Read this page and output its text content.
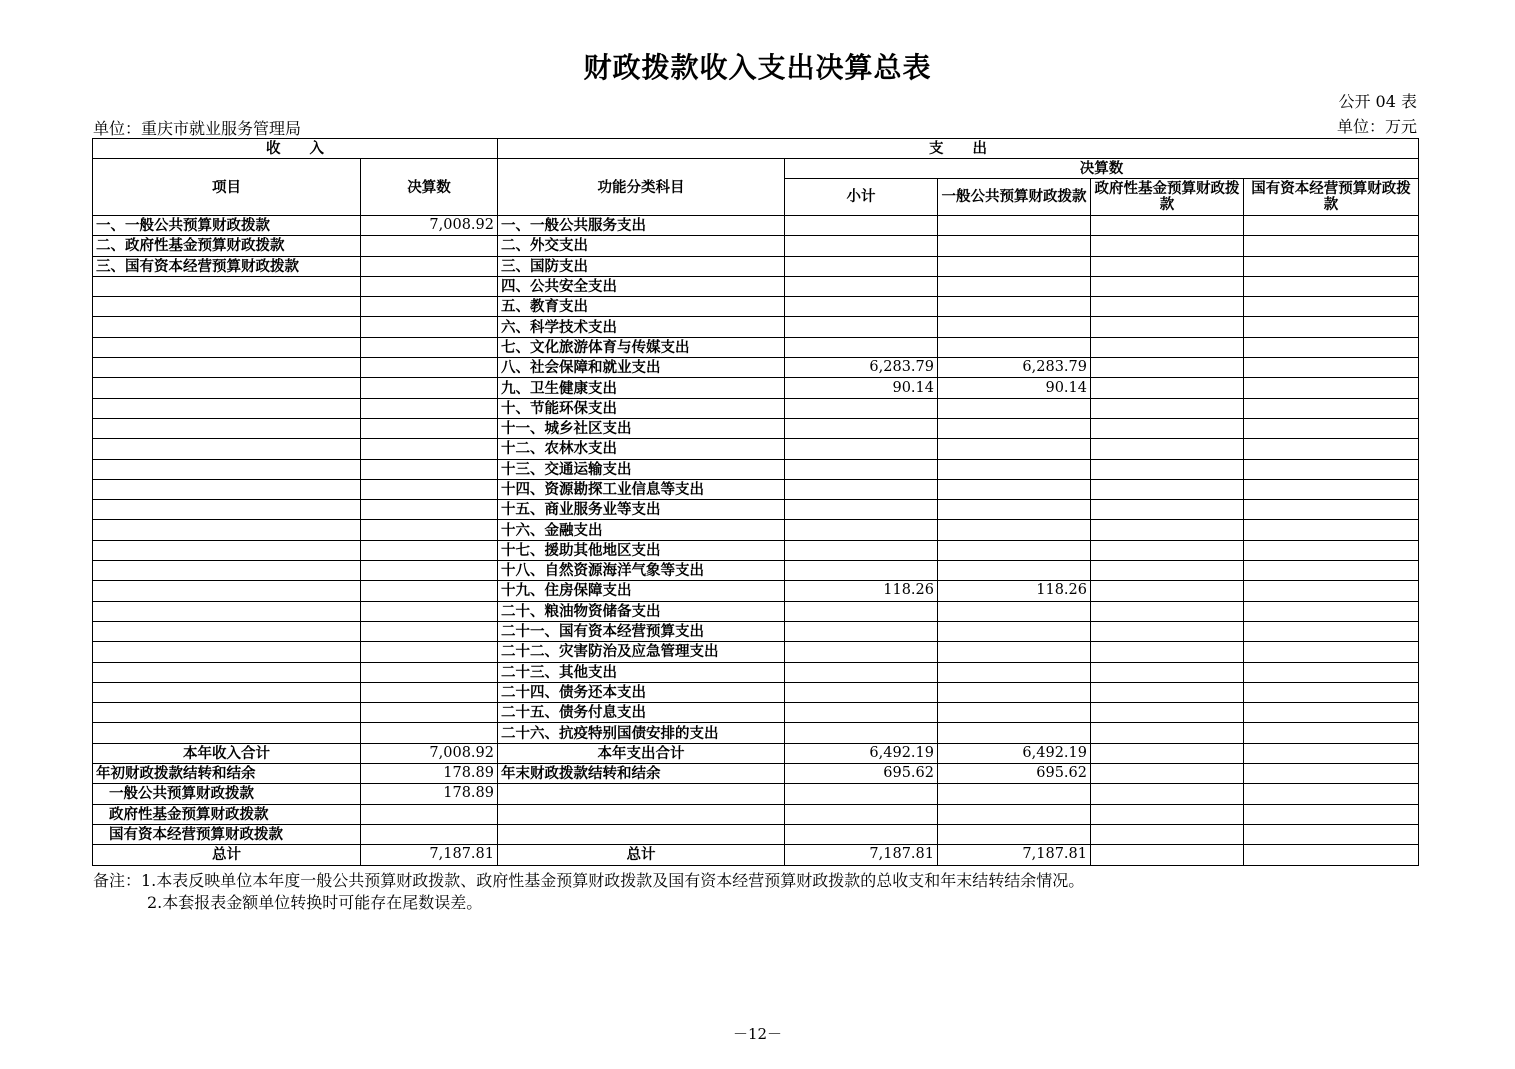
财政拨款收入支出决算总表
公开 04 表
单位：重庆市就业服务管理局	单位：万元
收　　入		支　　出				
项目	决算数	功能分类科目	决算数			
			小计	一般公共预算财政拨款	政府性基金预算财政拨款	国有资本经营预算财政拨款
一、一般公共预算财政拨款	7,008.92	一、一般公共服务支出				
二、政府性基金预算财政拨款		二、外交支出				
三、国有资本经营预算财政拨款		三、国防支出				
		四、公共安全支出				
		五、教育支出				
		六、科学技术支出				
		七、文化旅游体育与传媒支出				
		八、社会保障和就业支出	6,283.79	6,283.79		
		九、卫生健康支出	90.14	90.14		
		十、节能环保支出				
		十一、城乡社区支出				
		十二、农林水支出				
		十三、交通运输支出				
		十四、资源勘探工业信息等支出				
		十五、商业服务业等支出				
		十六、金融支出				
		十七、援助其他地区支出				
		十八、自然资源海洋气象等支出				
		十九、住房保障支出	118.26	118.26		
		二十、粮油物资储备支出				
		二十一、国有资本经营预算支出				
		二十二、灾害防治及应急管理支出				
		二十三、其他支出				
		二十四、债务还本支出				
		二十五、债务付息支出				
		二十六、抗疫特别国债安排的支出				
本年收入合计	7,008.92	本年支出合计	6,492.19	6,492.19		
年初财政拨款结转和结余	178.89	年末财政拨款结转和结余	695.62	695.62		
一般公共预算财政拨款	178.89					
政府性基金预算财政拨款						
国有资本经营预算财政拨款						
总计	7,187.81	总计	7,187.81	7,187.81		
备注：1.本表反映单位本年度一般公共预算财政拨款、政府性基金预算财政拨款及国有资本经营预算财政拨款的总收支和年末结转结余情况。
2.本套报表金额单位转换时可能存在尾数误差。
－12－
